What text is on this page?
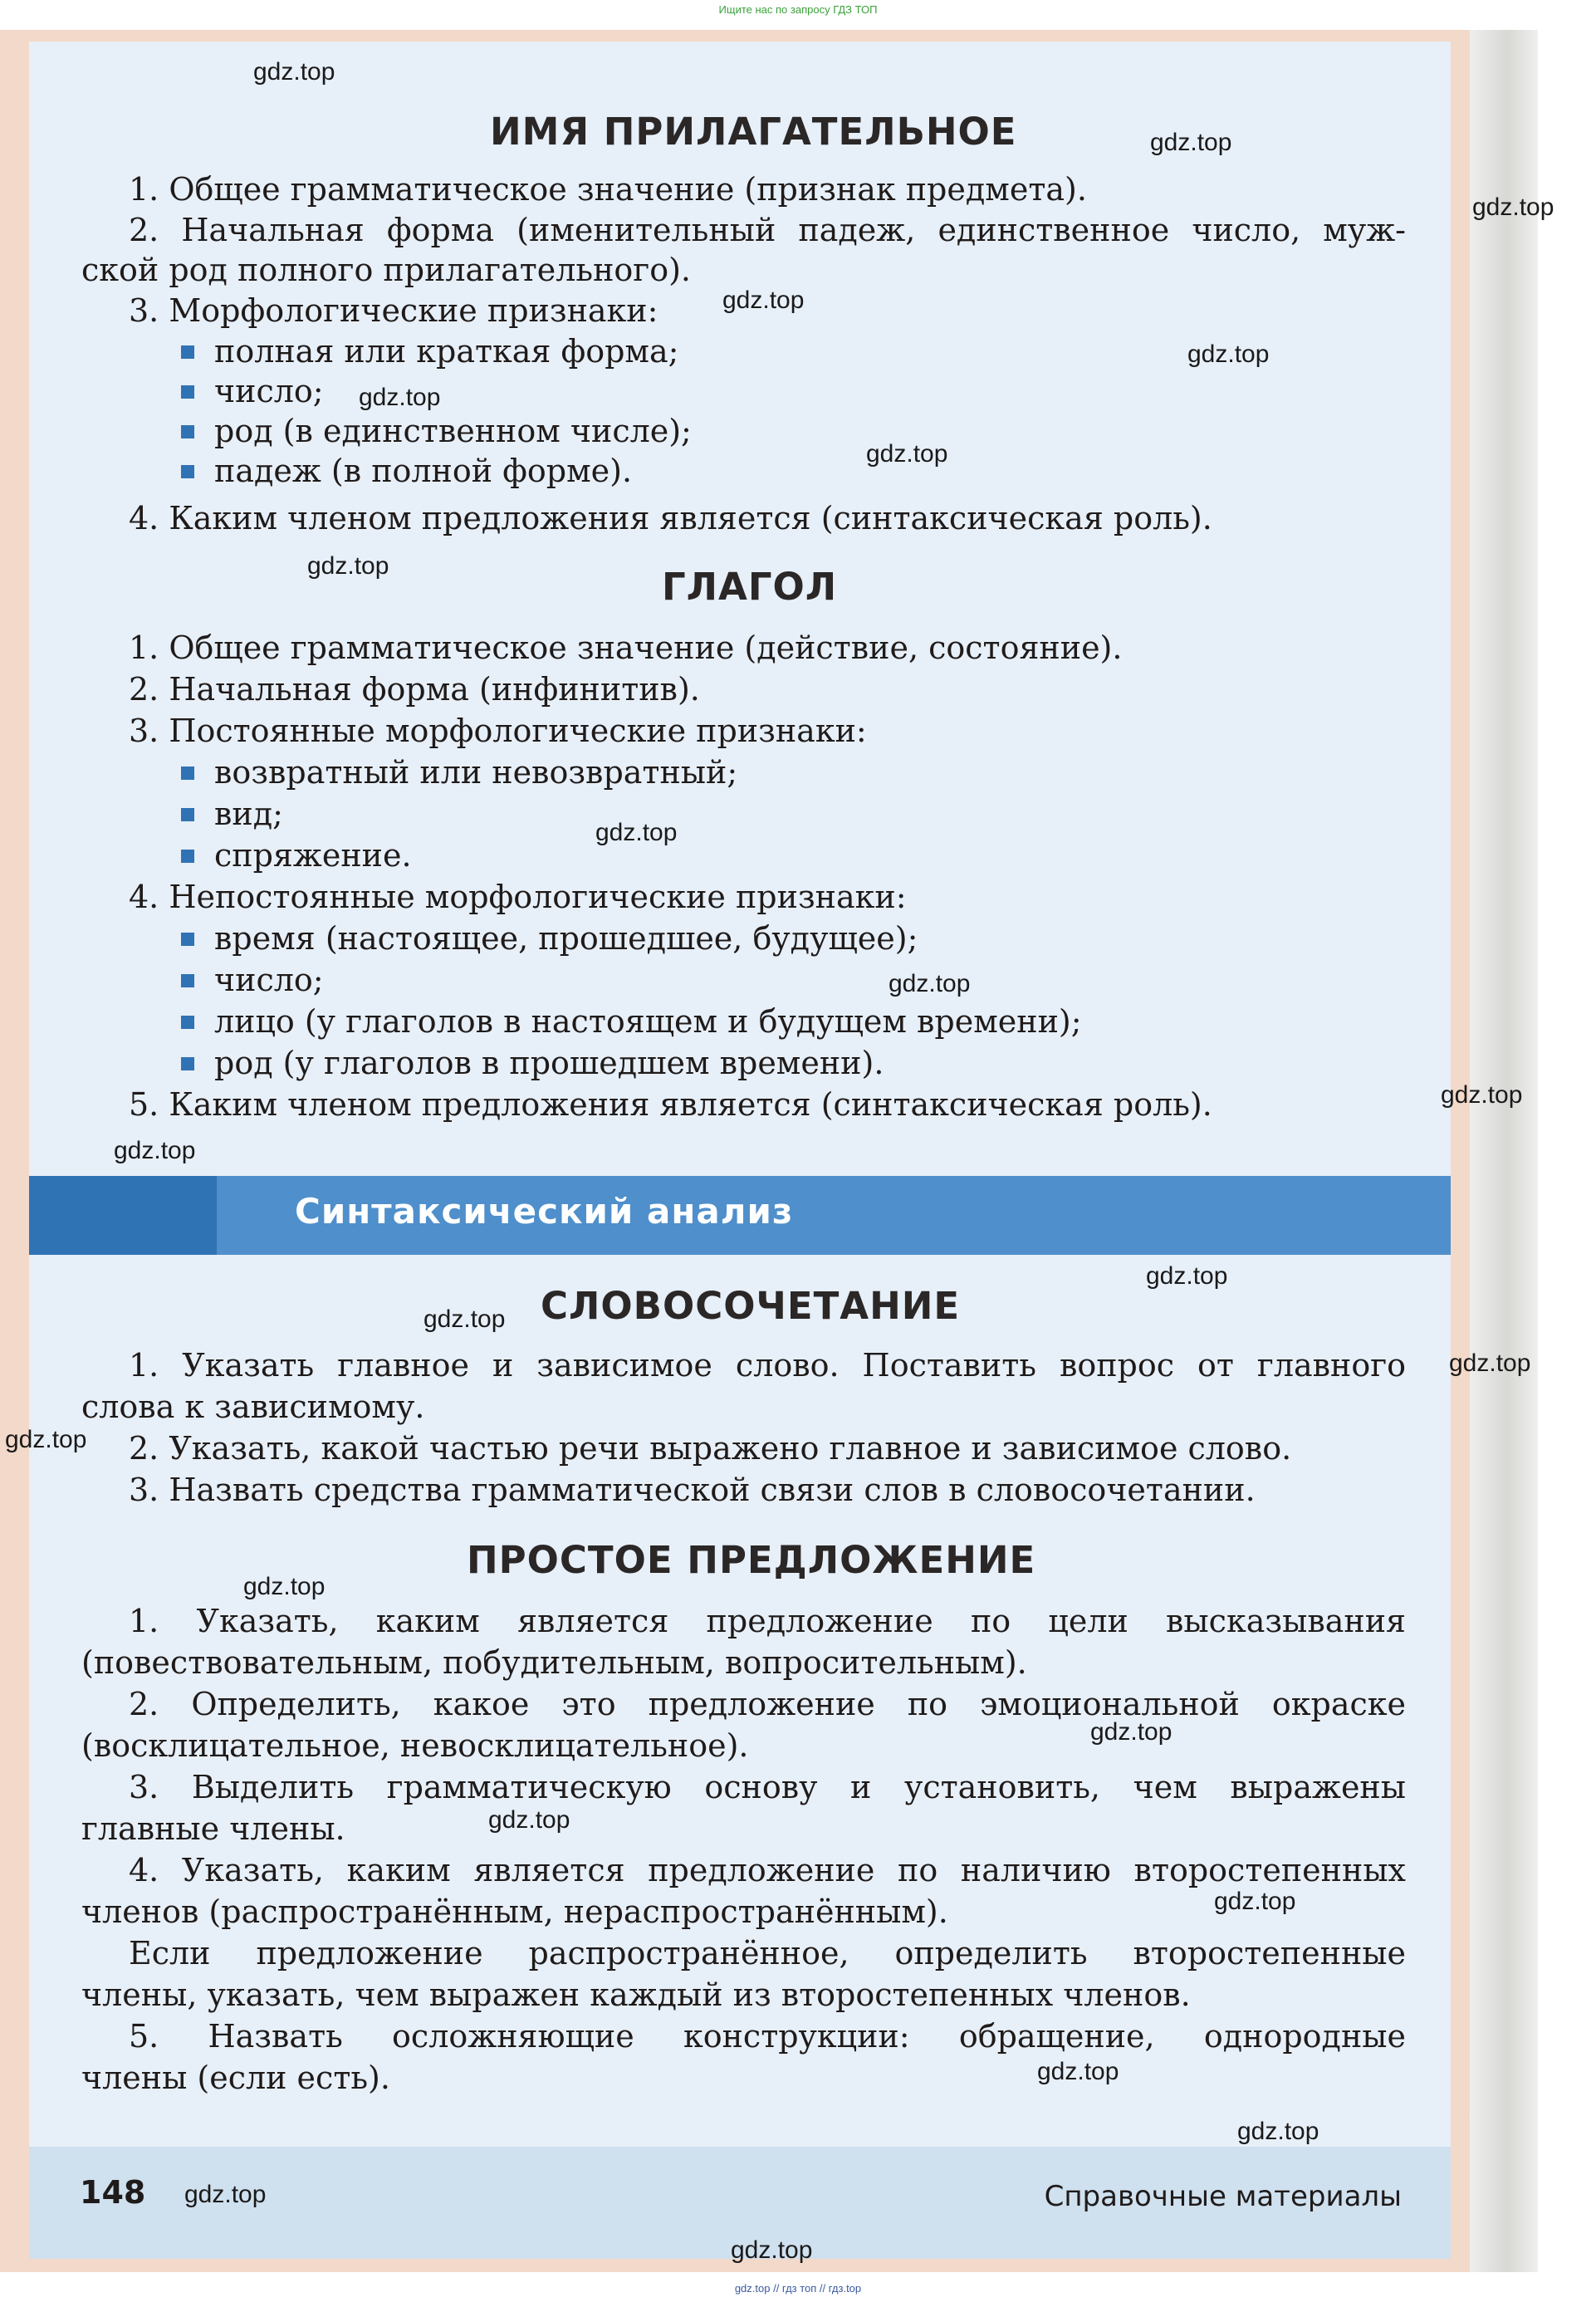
Ищите нас по запросу ГДЗ ТОП
ИМЯ ПРИЛАГАТЕЛЬНОЕ
1. Общее грамматическое значение (признак предмета).
2. Начальная форма (именительный падеж, единственное число, муж-
ской род полного прилагательного).
3. Морфологические признаки:
полная или краткая форма;
число;
род (в единственном числе);
падеж (в полной форме).
4. Каким членом предложения является (синтаксическая роль).
ГЛАГОЛ
1. Общее грамматическое значение (действие, состояние).
2. Начальная форма (инфинитив).
3. Постоянные морфологические признаки:
возвратный или невозвратный;
вид;
спряжение.
4. Непостоянные морфологические признаки:
время (настоящее, прошедшее, будущее);
число;
лицо (у глаголов в настоящем и будущем времени);
род (у глаголов в прошедшем времени).
5. Каким членом предложения является (синтаксическая роль).
Синтаксический анализ
СЛОВОСОЧЕТАНИЕ
1. Указать главное и зависимое слово. Поставить вопрос от главного
слова к зависимому.
2. Указать, какой частью речи выражено главное и зависимое слово.
3. Назвать средства грамматической связи слов в словосочетании.
ПРОСТОЕ ПРЕДЛОЖЕНИЕ
1. Указать, каким является предложение по цели высказывания
(повествовательным, побудительным, вопросительным).
2. Определить, какое это предложение по эмоциональной окраске
(восклицательное, невосклицательное).
3. Выделить грамматическую основу и установить, чем выражены
главные члены.
4. Указать, каким является предложение по наличию второстепенных
членов (распространённым, нераспространённым).
Если предложение распространённое, определить второстепенные
члены, указать, чем выражен каждый из второстепенных членов.
5. Назвать осложняющие конструкции: обращение, однородные
члены (если есть).
148	Справочные материалы
gdz.top
gdz.top
gdz.top
gdz.top
gdz.top
gdz.top
gdz.top
gdz.top
gdz.top
gdz.top
gdz.top
gdz.top
gdz.top
gdz.top
gdz.top
gdz.top
gdz.top
gdz.top
gdz.top
gdz.top
gdz.top
gdz.top
gdz.top
gdz.top
gdz.top // гдз топ // гдз.top
